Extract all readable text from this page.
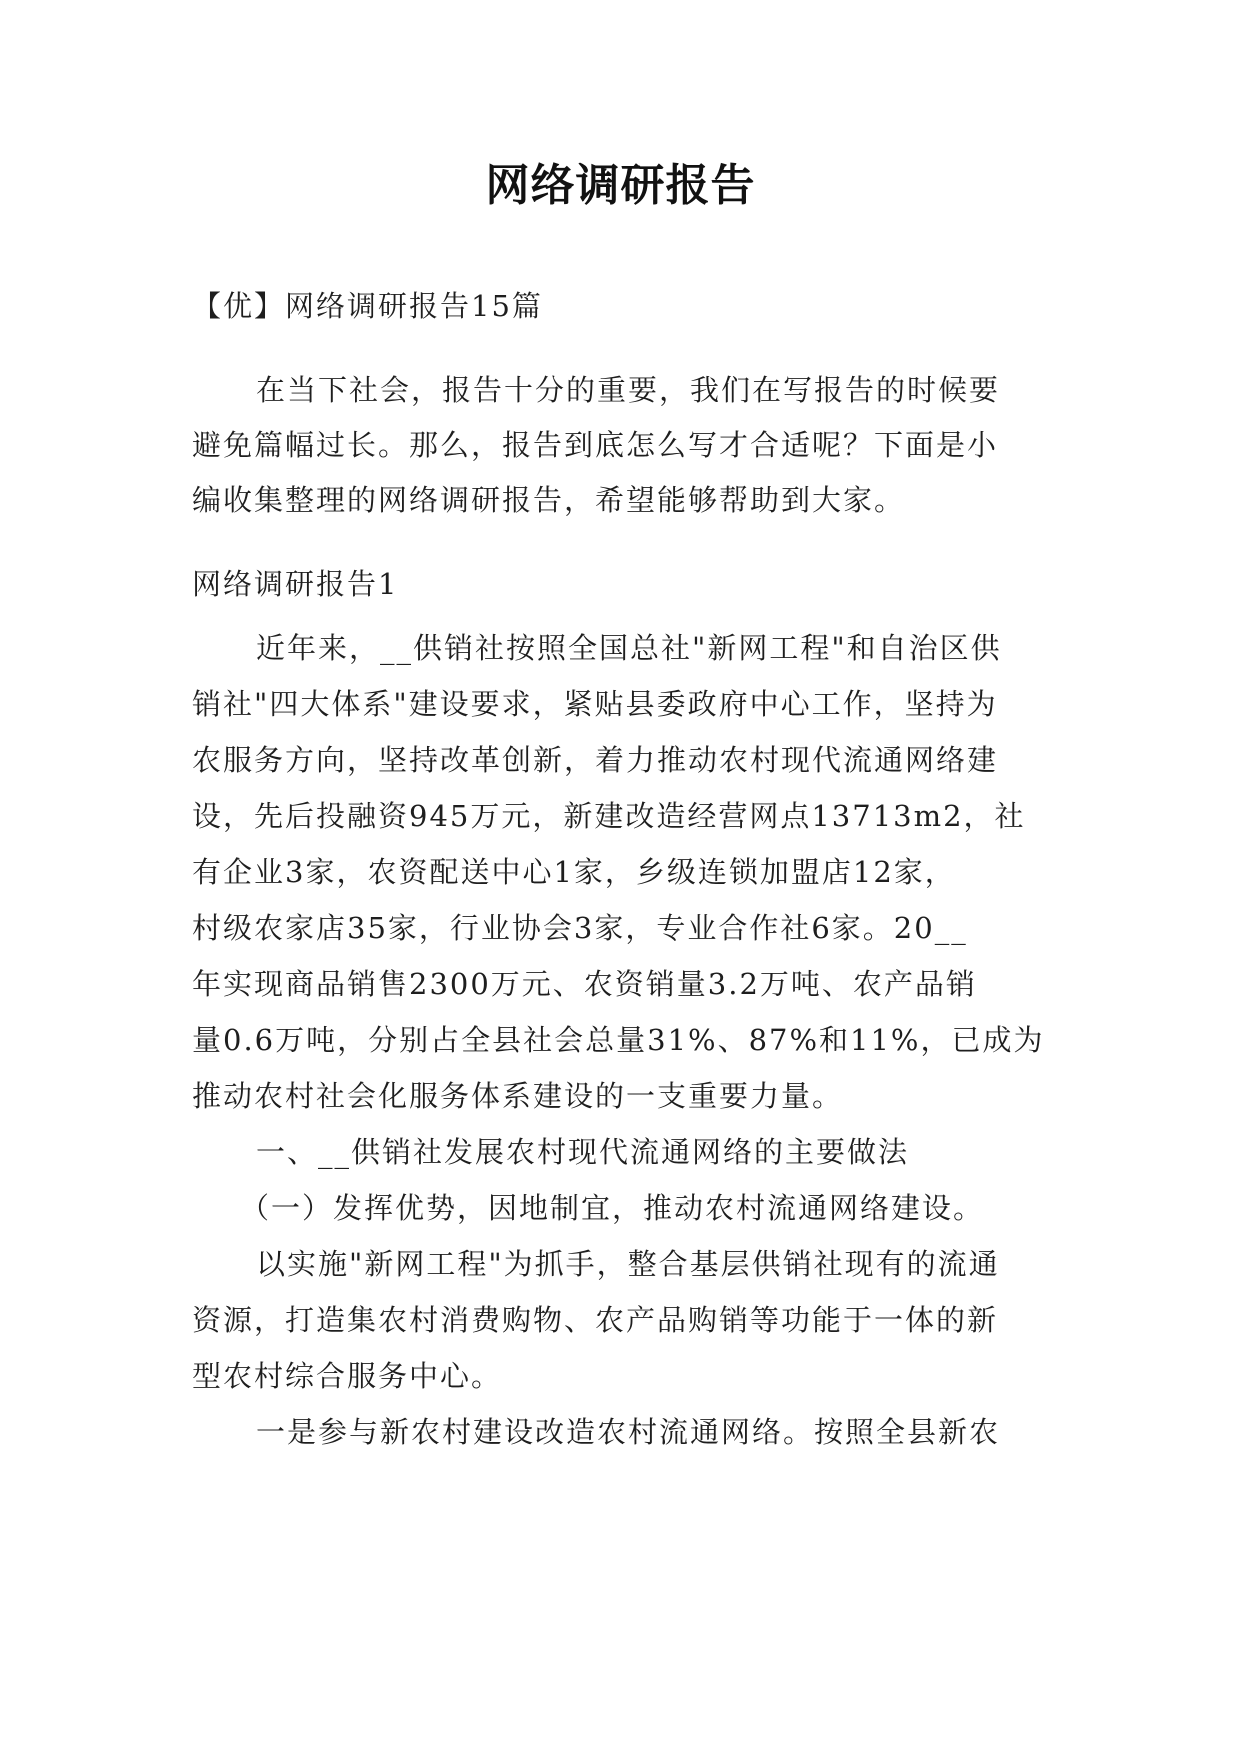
网络调研报告
【优】网络调研报告15篇
在当下社会，报告十分的重要，我们在写报告的时候要
避免篇幅过长。那么，报告到底怎么写才合适呢？下面是小
编收集整理的网络调研报告，希望能够帮助到大家。
网络调研报告1
近年来，__供销社按照全国总社"新网工程"和自治区供
销社"四大体系"建设要求，紧贴县委政府中心工作，坚持为
农服务方向，坚持改革创新，着力推动农村现代流通网络建
设，先后投融资945万元，新建改造经营网点13713m2，社
有企业3家，农资配送中心1家，乡级连锁加盟店12家，
村级农家店35家，行业协会3家，专业合作社6家。20__
年实现商品销售2300万元、农资销量3.2万吨、农产品销
量0.6万吨，分别占全县社会总量31%、87%和11%，已成为
推动农村社会化服务体系建设的一支重要力量。
一、__供销社发展农村现代流通网络的主要做法
（一）发挥优势，因地制宜，推动农村流通网络建设。
以实施"新网工程"为抓手，整合基层供销社现有的流通
资源，打造集农村消费购物、农产品购销等功能于一体的新
型农村综合服务中心。
一是参与新农村建设改造农村流通网络。按照全县新农
